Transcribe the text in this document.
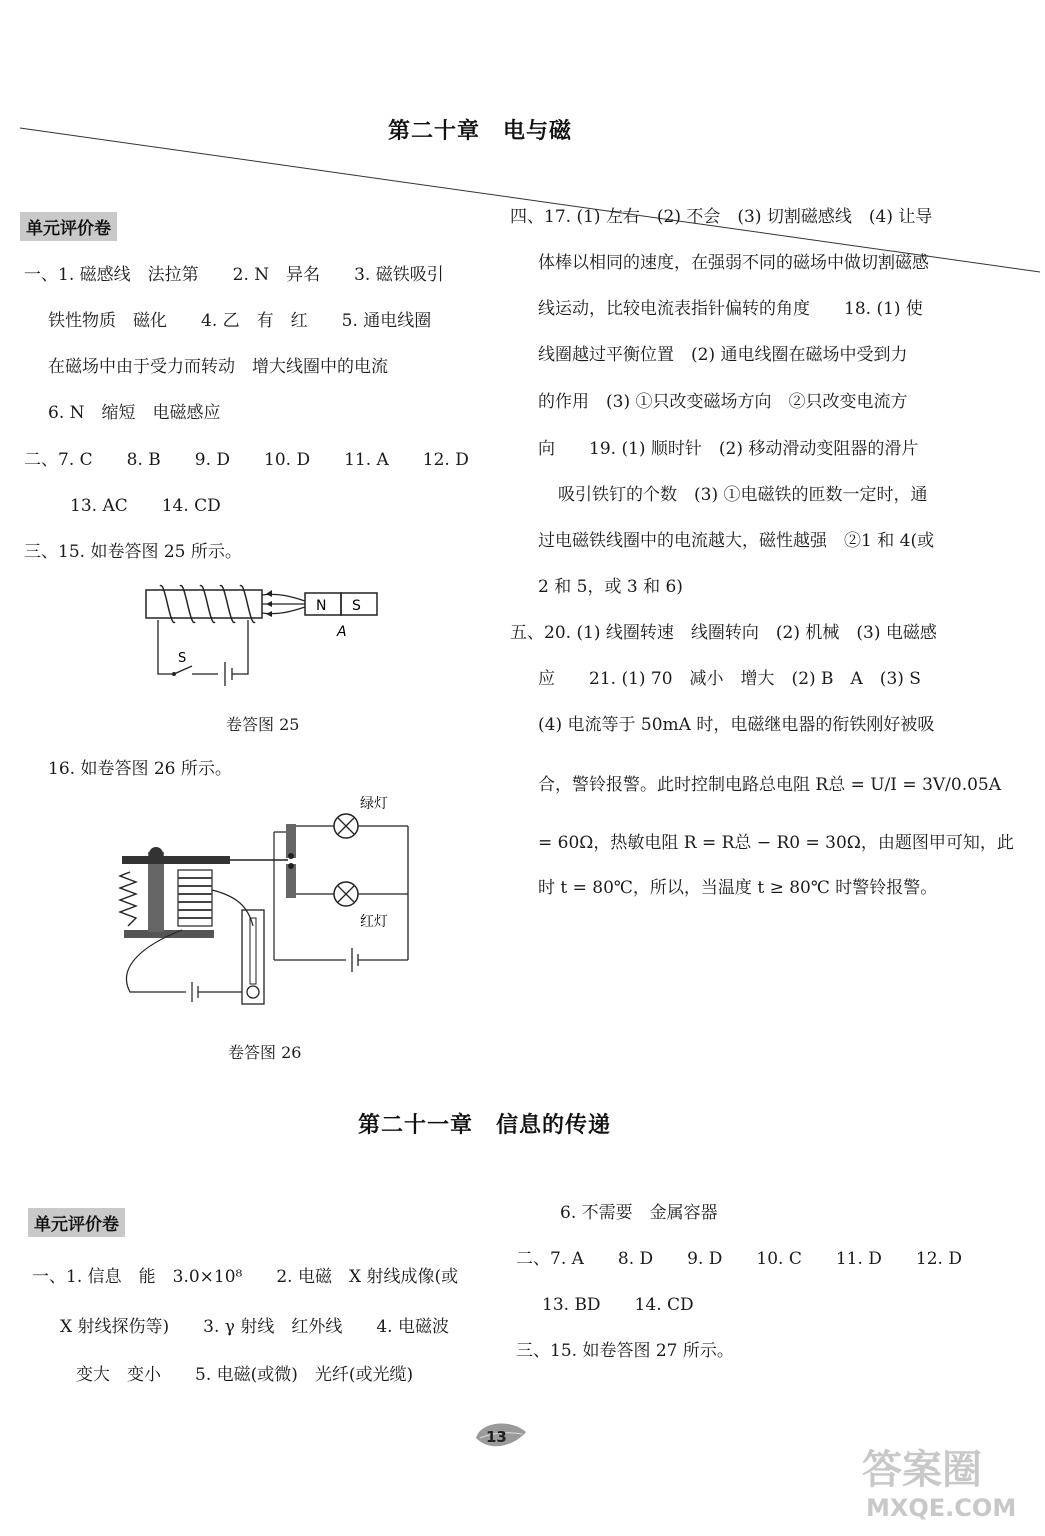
第二十章　电与磁
单元评价卷
一、1. 磁感线　法拉第　　2. N　异名　　3. 磁铁吸引
铁性物质　磁化　　4. 乙　有　红　　5. 通电线圈
在磁场中由于受力而转动　增大线圈中的电流
6. N　缩短　电磁感应
二、7. C　　8. B　　9. D　　10. D　　11. A　　12. D
13. AC　　14. CD
三、15. 如卷答图 25 所示。
N S
A
S
卷答图 25
16. 如卷答图 26 所示。
绿灯
红灯
卷答图 26
四、17. (1) 左右　(2) 不会　(3) 切割磁感线　(4) 让导
体棒以相同的速度，在强弱不同的磁场中做切割磁感
线运动，比较电流表指针偏转的角度　　18. (1) 使
线圈越过平衡位置　(2) 通电线圈在磁场中受到力
的作用　(3) ①只改变磁场方向　②只改变电流方
向　　19. (1) 顺时针　(2) 移动滑动变阻器的滑片
吸引铁钉的个数　(3) ①电磁铁的匝数一定时，通
过电磁铁线圈中的电流越大，磁性越强　②1 和 4(或
2 和 5，或 3 和 6)
五、20. (1) 线圈转速　线圈转向　(2) 机械　(3) 电磁感
应　　21. (1) 70　减小　增大　(2) B　A　(3) S
(4) 电流等于 50mA 时，电磁继电器的衔铁刚好被吸
合，警铃报警。此时控制电路总电阻 R总 = U/I = 3V/0.05A
= 60Ω，热敏电阻 R = R总 − R0 = 30Ω，由题图甲可知，此
时 t = 80℃，所以，当温度 t ≥ 80℃ 时警铃报警。
第二十一章　信息的传递
单元评价卷
一、1. 信息　能　3.0×10⁸　　2. 电磁　X 射线成像(或
X 射线探伤等)　　3. γ 射线　红外线　　4. 电磁波
变大　变小　　5. 电磁(或微)　光纤(或光缆)
6. 不需要　金属容器
二、7. A　　8. D　　9. D　　10. C　　11. D　　12. D
13. BD　　14. CD
三、15. 如卷答图 27 所示。
13
答案圈
MXQE.COM
